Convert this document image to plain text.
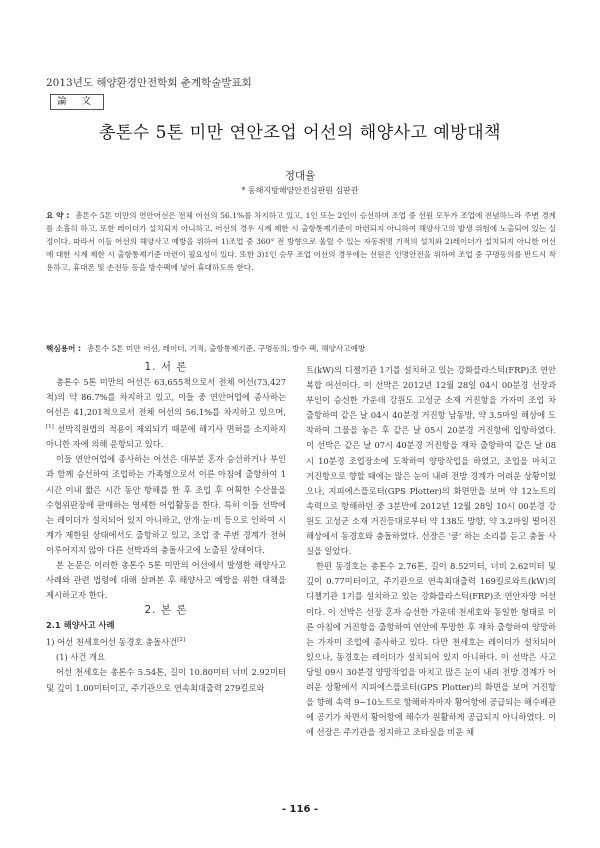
2013년도 해양환경안전학회 춘계학술발표회
論 文
총톤수 5톤 미만 연안조업 어선의 해양사고 예방대책
정대율
* 동해지방해양안전심판원 심판관
요 약 : 총톤수 5톤 미만의 연안어선은 전체 어선의 56.1%를 차지하고 있고, 1인 또는 2인이 승선하며 조업 중 선원 모두가 조업에 전념하느라 주변 경계를 소홀히 하고, 또한 레이더가 설치되지 아니하고, 어선의 경우 시계 제한 시 출항통제기준이 마련되지 아니하여 해양사고의 발생 위험에 노출되어 있는 실정이다. 따라서 이들 어선의 해양사고 예방을 위하여 1)조업 중 360° 전 방향으로 울릴 수 있는 자동취명 기적의 설치와 2)레이더가 설치되지 아니한 어선에 대한 시계 제한 시 출항통제기준 마련이 필요성이 있다. 또한 3)1인 승무 조업 어선의 경우에는 선원은 인명안전을 위하여 조업 중 구명동의를 반드시 착용하고, 휴대폰 및 손전등 등을 방수팩에 넣어 휴대하도록 한다.
핵심용어 : 총톤수 5톤 미만 어선, 레이더, 기적, 출항통제기준, 구명동의, 방수 팩, 해양사고예방

1. 서 론

총톤수 5톤 미만의 어선은 63,655척으로서 전체 어선(73,427척)의 약 86.7%를 차지하고 있고, 이들 중 연안어업에 종사하는 어선은 41,201척으로서 전체 어선의 56.1%를 차지하고 있으며,[1] 선박직원법의 적용이 제외되기 때문에 해기사 면허를 소지하지 아니한 자에 의해 운항되고 있다.

이들 연안어업에 종사하는 어선은 대부분 혼자 승선하거나 부인과 함께 승선하여 조업하는 가족형으로서 이른 아침에 출항하여 1시간 이내 짧은 시간 동안 항해를 한 후 조업 후 어획한 수산물을 수협위판장에 판매하는 영세한 어업활동을 한다. 특히 이들 선박에는 레이더가 설치되어 있지 아니하고, 안개·눈·비 등으로 인하여 시계가 제한된 상태에서도 출항하고 있고, 조업 중 주변 경계가 전혀 이루어지지 않아 다른 선박과의 충돌사고에 노출된 상태이다.

본 논문은 이러한 총톤수 5톤 미만의 어선에서 발생한 해양사고 사례와 관련 법령에 대해 살펴본 후 해양사고 예방을 위한 대책을 제시하고자 한다.

2. 본 론

2.1 해양사고 사례

1) 어선 천세호어선 동경호 충돌사건[2]

(1) 사건 개요

어선 천세호는 총톤수 5.54톤, 길이 10.80미터 너비 2.92미터 및 깊이 1.00미터이고, 주기관으로 연속최대출력 279킬로와

트(kW)의 디젤기관 1기를 설치하고 있는 강화플라스틱(FRP)조 연안복합 어선이다. 이 선박은 2012년 12월 28일 04시 00분경 선장과 부인이 승선한 가운데 강원도 고성군 소재 거진항을 가자미 조업 차 출항하여 같은 날 04시 40분경 거진항 남동방, 약 3.5마일 해상에 도착하여 그물을 놓은 후 같은 날 05시 20분경 거진항에 입항하였다. 이 선박은 같은 날 07시 40분경 거진항을 재차 출항하여 같은 날 08시 10분경 조업장소에 도착하여 양망작업을 하였고, 조업을 마치고 거진항으로 향할 때에는 많은 눈이 내려 전방 경계가 어려운 상황이었으나, 지피에스플로터(GPS Plotter)의 화면만을 보며 약 12노트의 속력으로 항해하던 중 3분만에 2012년 12월 28일 10시 00분경 강원도 고성군 소재 거진등대로부터 약 138도 방향, 약 3.2마일 떨어진 해상에서 동경호와 충돌하였다. 선장은 '쿵' 하는 소리를 듣고 충돌 사실을 알았다.

한편 동경호는 총톤수 2.76톤, 길이 8.52미터, 너비 2.62미터 및 깊이 0.77미터이고, 주기관으로 연속최대출력 169킬로와트(kW)의 디젤기관 1기를 설치하고 있는 강화플라스틱(FRP)조 연안자망 어선이다. 이 선박은 선장 혼자 승선한 가운데 천세호와 동일한 형태로 이른 아침에 거진항을 출항하여 연안에 투망한 후 재차 출항하여 양망하는 가자미 조업에 종사하고 있다. 다만 천세호는 레이더가 설치되어 있으나, 동경호는 레이더가 설치되어 있지 아니하다. 이 선박은 사고당일 09시 30분경 양망작업을 마치고 많은 눈이 내려 전방 경계가 어려운 상황에서 지피에스플로터(GPS Plotter)의 화면을 보며 거진항을 향해 속력 9~10노트로 항해하자마자 황어항에 공급되는 해수배관에 공기가 차면서 황어항에 해수가 원활하게 공급되지 아니하였다. 이에 선장은 주기관을 정지하고 조타실을 비운 채

- 116 -
